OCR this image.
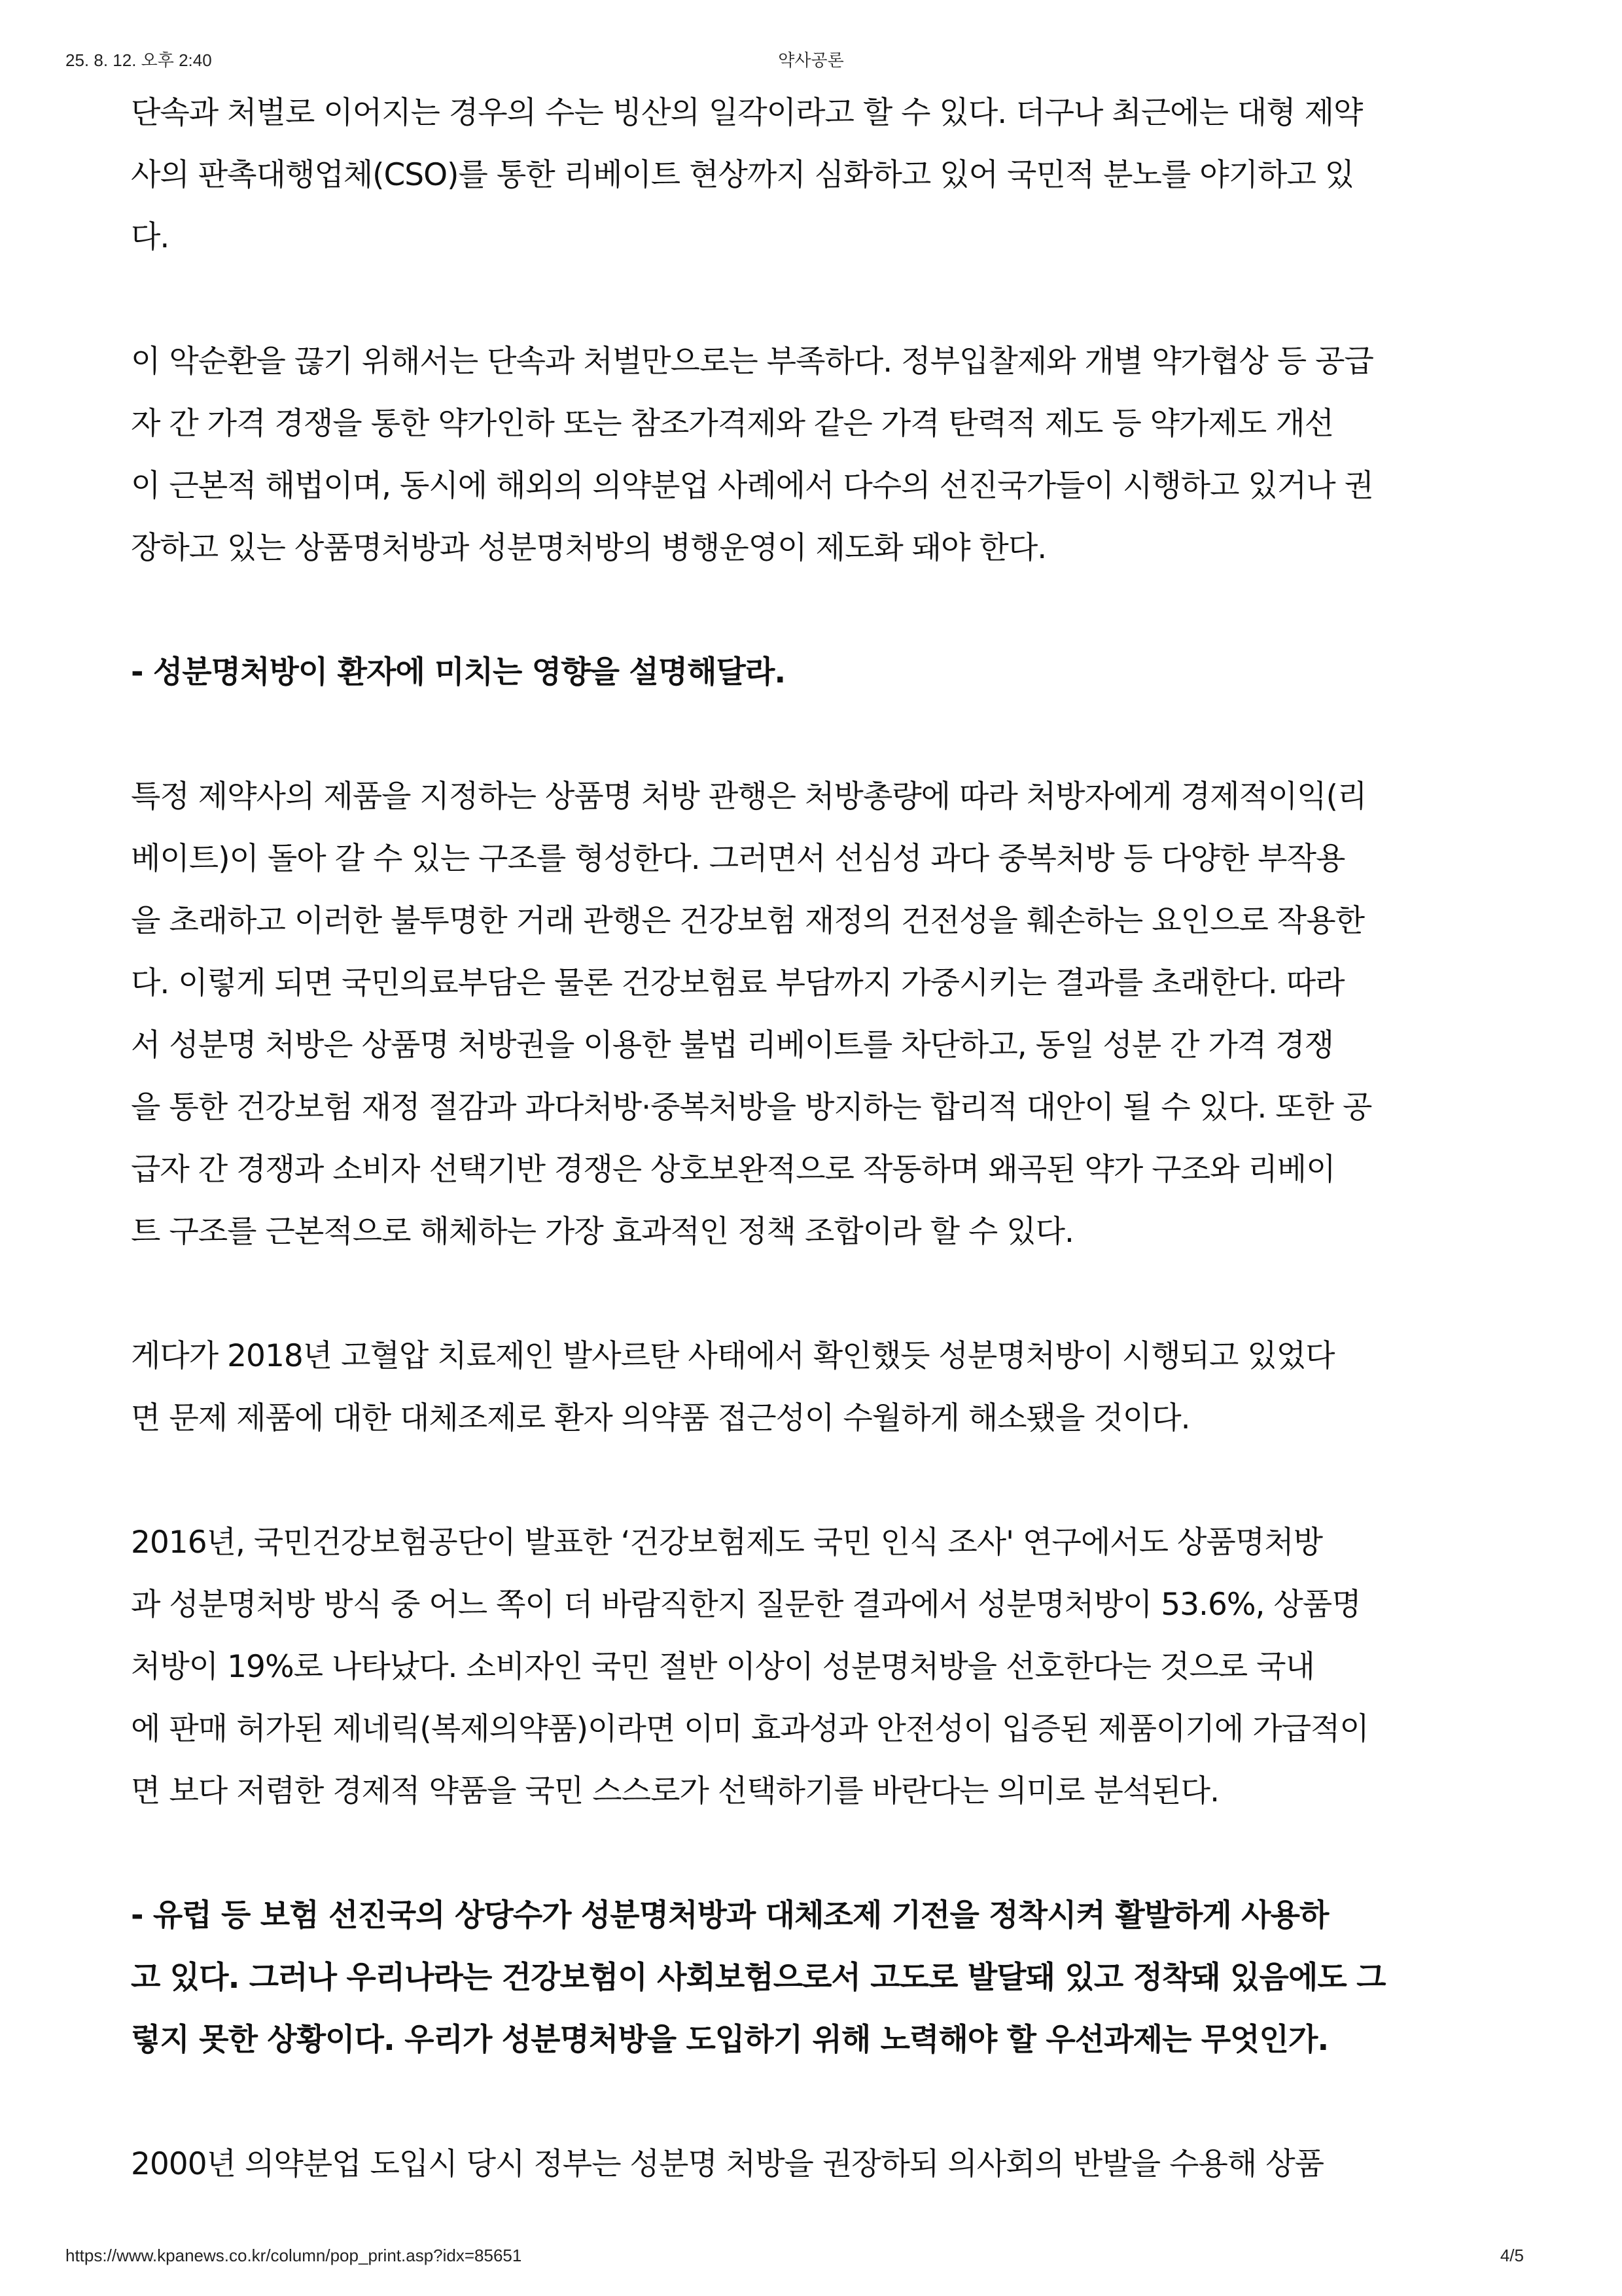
25. 8. 12. 오후 2:40	약사공론
단속과 처벌로 이어지는 경우의 수는 빙산의 일각이라고 할 수 있다. 더구나 최근에는 대형 제약
사의 판촉대행업체(CSO)를 통한 리베이트 현상까지 심화하고 있어 국민적 분노를 야기하고 있
다.
이 악순환을 끊기 위해서는 단속과 처벌만으로는 부족하다. 정부입찰제와 개별 약가협상 등 공급
자 간 가격 경쟁을 통한 약가인하 또는 참조가격제와 같은 가격 탄력적 제도 등 약가제도 개선
이 근본적 해법이며, 동시에 해외의 의약분업 사례에서 다수의 선진국가들이 시행하고 있거나 권
장하고 있는 상품명처방과 성분명처방의 병행운영이 제도화 돼야 한다.
- 성분명처방이 환자에 미치는 영향을 설명해달라.
특정 제약사의 제품을 지정하는 상품명 처방 관행은 처방총량에 따라 처방자에게 경제적이익(리
베이트)이 돌아 갈 수 있는 구조를 형성한다. 그러면서 선심성 과다 중복처방 등 다양한 부작용
을 초래하고 이러한 불투명한 거래 관행은 건강보험 재정의 건전성을 훼손하는 요인으로 작용한
다. 이렇게 되면 국민의료부담은 물론 건강보험료 부담까지 가중시키는 결과를 초래한다. 따라
서 성분명 처방은 상품명 처방권을 이용한 불법 리베이트를 차단하고, 동일 성분 간 가격 경쟁
을 통한 건강보험 재정 절감과 과다처방·중복처방을 방지하는 합리적 대안이 될 수 있다. 또한 공
급자 간 경쟁과 소비자 선택기반 경쟁은 상호보완적으로 작동하며 왜곡된 약가 구조와 리베이
트 구조를 근본적으로 해체하는 가장 효과적인 정책 조합이라 할 수 있다.
게다가 2018년 고혈압 치료제인 발사르탄 사태에서 확인했듯 성분명처방이 시행되고 있었다
면 문제 제품에 대한 대체조제로 환자 의약품 접근성이 수월하게 해소됐을 것이다.
2016년, 국민건강보험공단이 발표한 ‘건강보험제도 국민 인식 조사' 연구에서도 상품명처방
과 성분명처방 방식 중 어느 쪽이 더 바람직한지 질문한 결과에서 성분명처방이 53.6%, 상품명
처방이 19%로 나타났다. 소비자인 국민 절반 이상이 성분명처방을 선호한다는 것으로 국내
에 판매 허가된 제네릭(복제의약품)이라면 이미 효과성과 안전성이 입증된 제품이기에 가급적이
면 보다 저렴한 경제적 약품을 국민 스스로가 선택하기를 바란다는 의미로 분석된다.
- 유럽 등 보험 선진국의 상당수가 성분명처방과 대체조제 기전을 정착시켜 활발하게 사용하
고 있다. 그러나 우리나라는 건강보험이 사회보험으로서 고도로 발달돼 있고 정착돼 있음에도 그
렇지 못한 상황이다. 우리가 성분명처방을 도입하기 위해 노력해야 할 우선과제는 무엇인가.
2000년 의약분업 도입시 당시 정부는 성분명 처방을 권장하되 의사회의 반발을 수용해 상품
https://www.kpanews.co.kr/column/pop_print.asp?idx=85651	4/5
